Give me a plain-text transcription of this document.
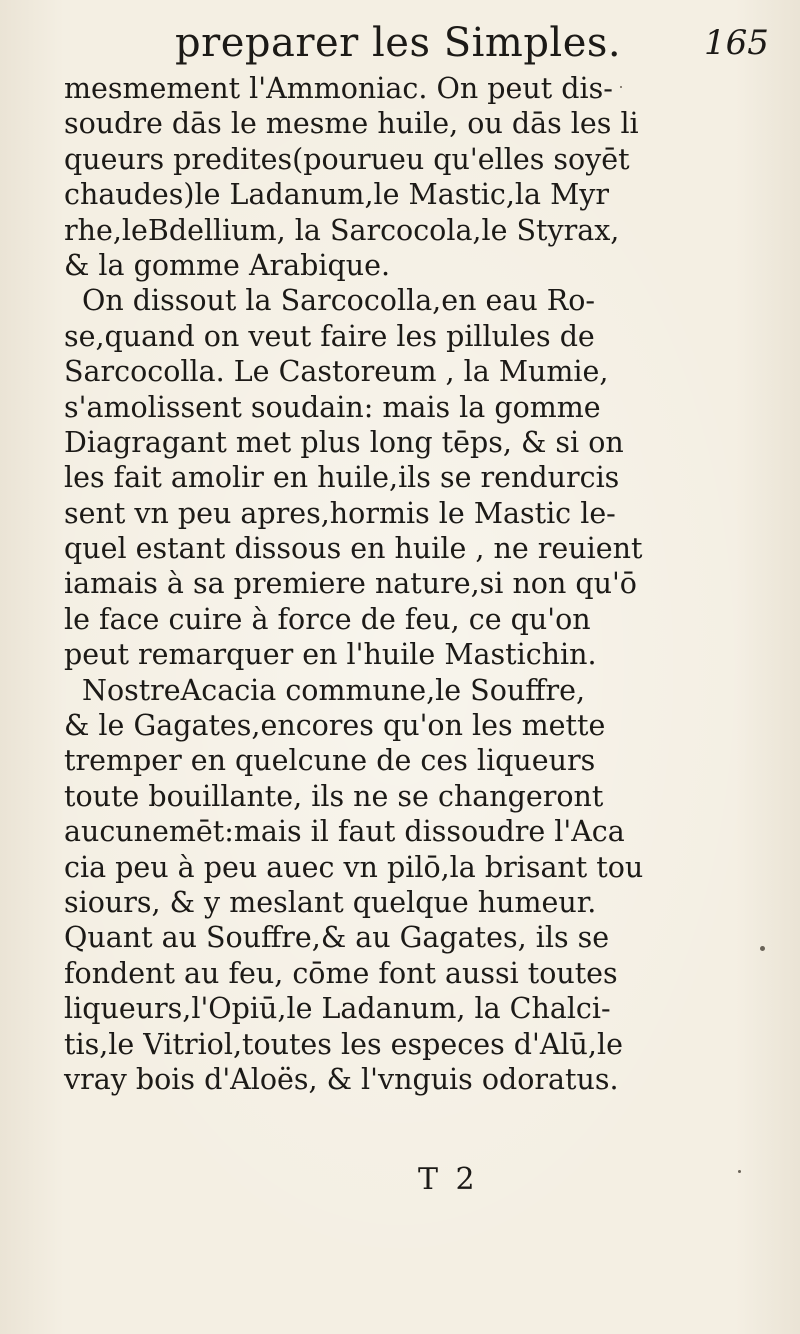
preparer les Simples. 165
mesmement l'Ammoniac. On peut dis-
soudre dās le mesme huile, ou dās les li
queurs predites(pourueu qu'elles soyēt
chaudes)le Ladanum,le Mastic,la Myr
rhe,leBdellium, la Sarcocola,le Styrax,
& la gomme Arabique.
On dissout la Sarcocolla,en eau Ro-
se,quand on veut faire les pillules de
Sarcocolla. Le Castoreum , la Mumie,
s'amolissent soudain: mais la gomme
Diagragant met plus long tēps, & si on
les fait amolir en huile,ils se rendurcis
sent vn peu apres,hormis le Mastic le-
quel estant dissous en huile , ne reuient
iamais à sa premiere nature,si non qu'ō
le face cuire à force de feu, ce qu'on
peut remarquer en l'huile Mastichin.
NostreAcacia commune,le Souffre,
& le Gagates,encores qu'on les mette
tremper en quelcune de ces liqueurs
toute bouillante, ils ne se changeront
aucunemēt:mais il faut dissoudre l'Aca
cia peu à peu auec vn pilō,la brisant tou
siours, & y meslant quelque humeur.
Quant au Souffre,& au Gagates, ils se
fondent au feu, cōme font aussi toutes
liqueurs,l'Opiū,le Ladanum, la Chalci-
tis,le Vitriol,toutes les especes d'Alū,le
vray bois d'Aloës, & l'vnguis odoratus.
T 2
